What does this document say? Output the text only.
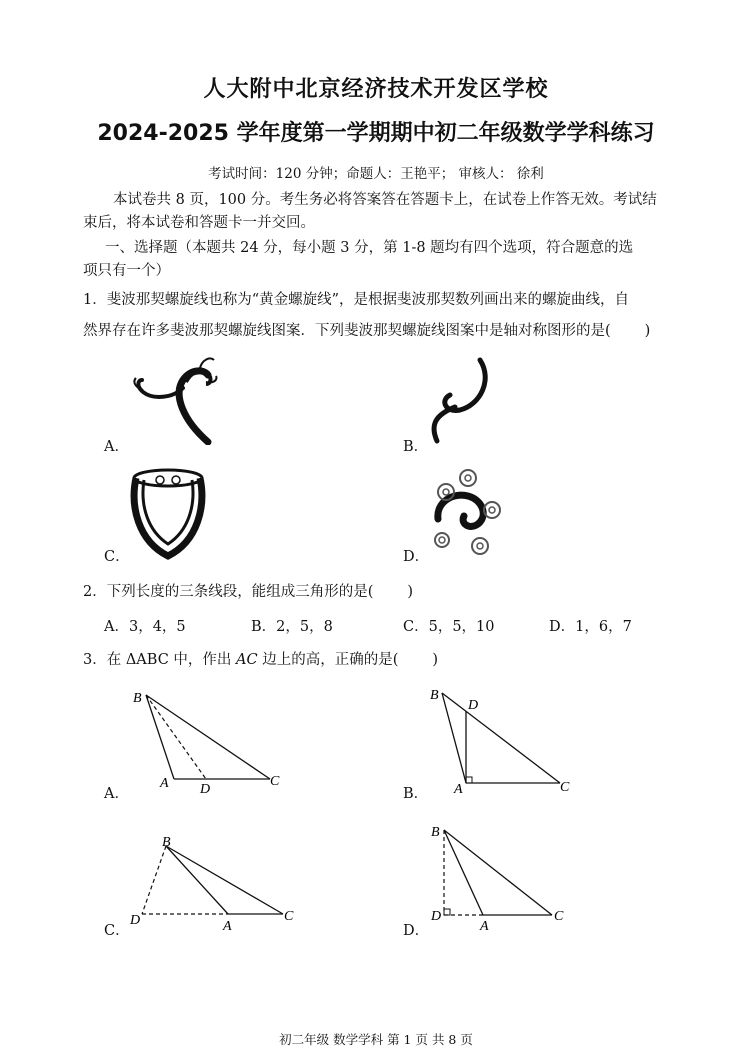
人大附中北京经济技术开发区学校
2024-2025 学年度第一学期期中初二年级数学学科练习
考试时间：120 分钟；命题人：王艳平； 审核人： 徐利
本试卷共 8 页，100 分。考生务必将答案答在答题卡上，在试卷上作答无效。考试结
束后，将本试卷和答题卡一并交回。
一、选择题（本题共 24 分，每小题 3 分，第 1-8 题均有四个选项，符合题意的选
项只有一个）
1．斐波那契螺旋线也称为“黄金螺旋线”，是根据斐波那契数列画出来的螺旋曲线，自
然界存在许多斐波那契螺旋线图案．下列斐波那契螺旋线图案中是轴对称图形的是( )
A．	B．
C．	D．
2．下列长度的三条线段，能组成三角形的是( )
A．3，4，5	B．2，5，8	C．5，5，10	D．1，6，7
3．在 ΔABC 中，作出 AC 边上的高，正确的是( )
B
A D
C
A．
B
D
A	C
B．
B
D	A
C
C．
B
D
A
C
D．
初二年级 数学学科 第 1 页 共 8 页
